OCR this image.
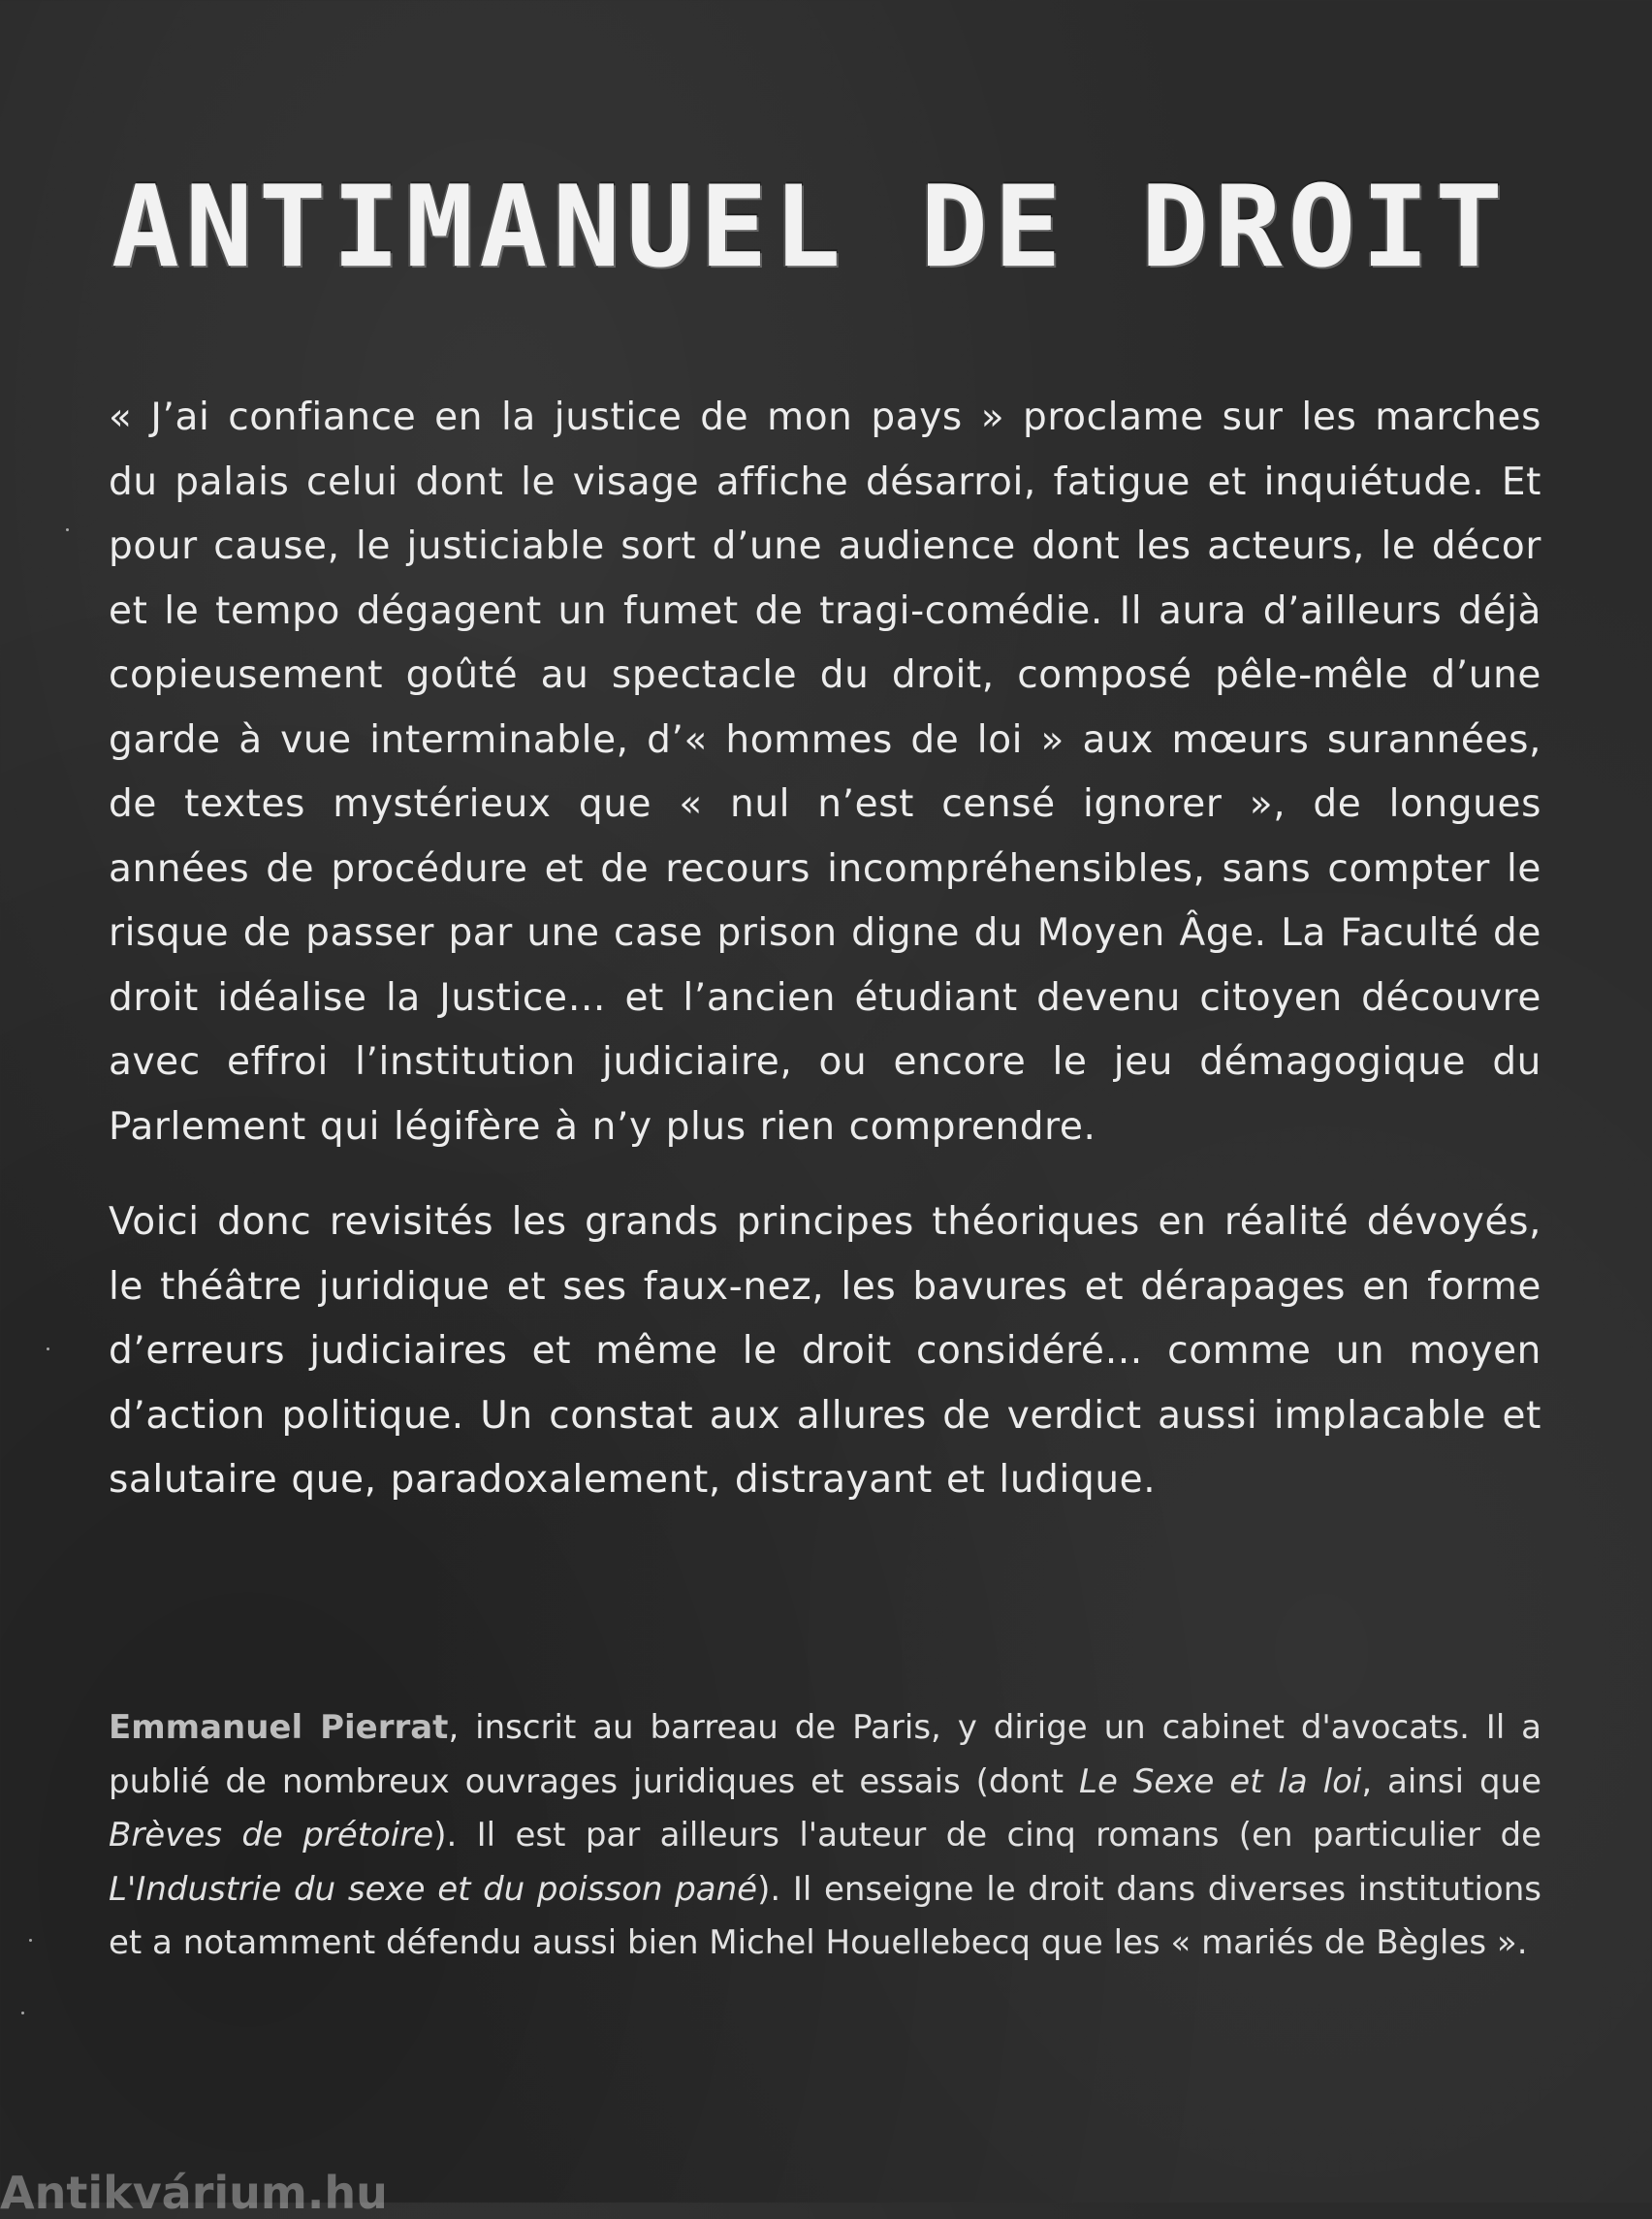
ANTIMANUEL DE DROIT

« J’ai confiance en la justice de mon pays » proclame sur les marches du palais celui dont le visage affiche désarroi, fatigue et inquiétude. Et pour cause, le justiciable sort d’une audience dont les acteurs, le décor et le tempo dégagent un fumet de tragi-comédie. Il aura d’ailleurs déjà copieusement goûté au spectacle du droit, composé pêle-mêle d’une garde à vue interminable, d’« hommes de loi » aux mœurs surannées, de textes mystérieux que « nul n’est censé ignorer », de longues années de procédure et de recours incompréhensibles, sans compter le risque de passer par une case prison digne du Moyen Âge. La Faculté de droit idéalise la Justice… et l’ancien étudiant devenu citoyen découvre avec effroi l’institution judiciaire, ou encore le jeu démagogique du Parlement qui légifère à n’y plus rien comprendre.

Voici donc revisités les grands principes théoriques en réalité dévoyés, le théâtre juridique et ses faux-nez, les bavures et dérapages en forme d’erreurs judiciaires et même le droit considéré… comme un moyen d’action politique. Un constat aux allures de verdict aussi implacable et salutaire que, paradoxalement, distrayant et ludique.

Emmanuel Pierrat, inscrit au barreau de Paris, y dirige un cabinet d'avocats. Il a publié de nombreux ouvrages juridiques et essais (dont Le Sexe et la loi, ainsi que Brèves de prétoire). Il est par ailleurs l'auteur de cinq romans (en particulier de L'Industrie du sexe et du poisson pané). Il enseigne le droit dans diverses institutions et a notamment défendu aussi bien Michel Houellebecq que les « mariés de Bègles ».

Antikvárium.hu
